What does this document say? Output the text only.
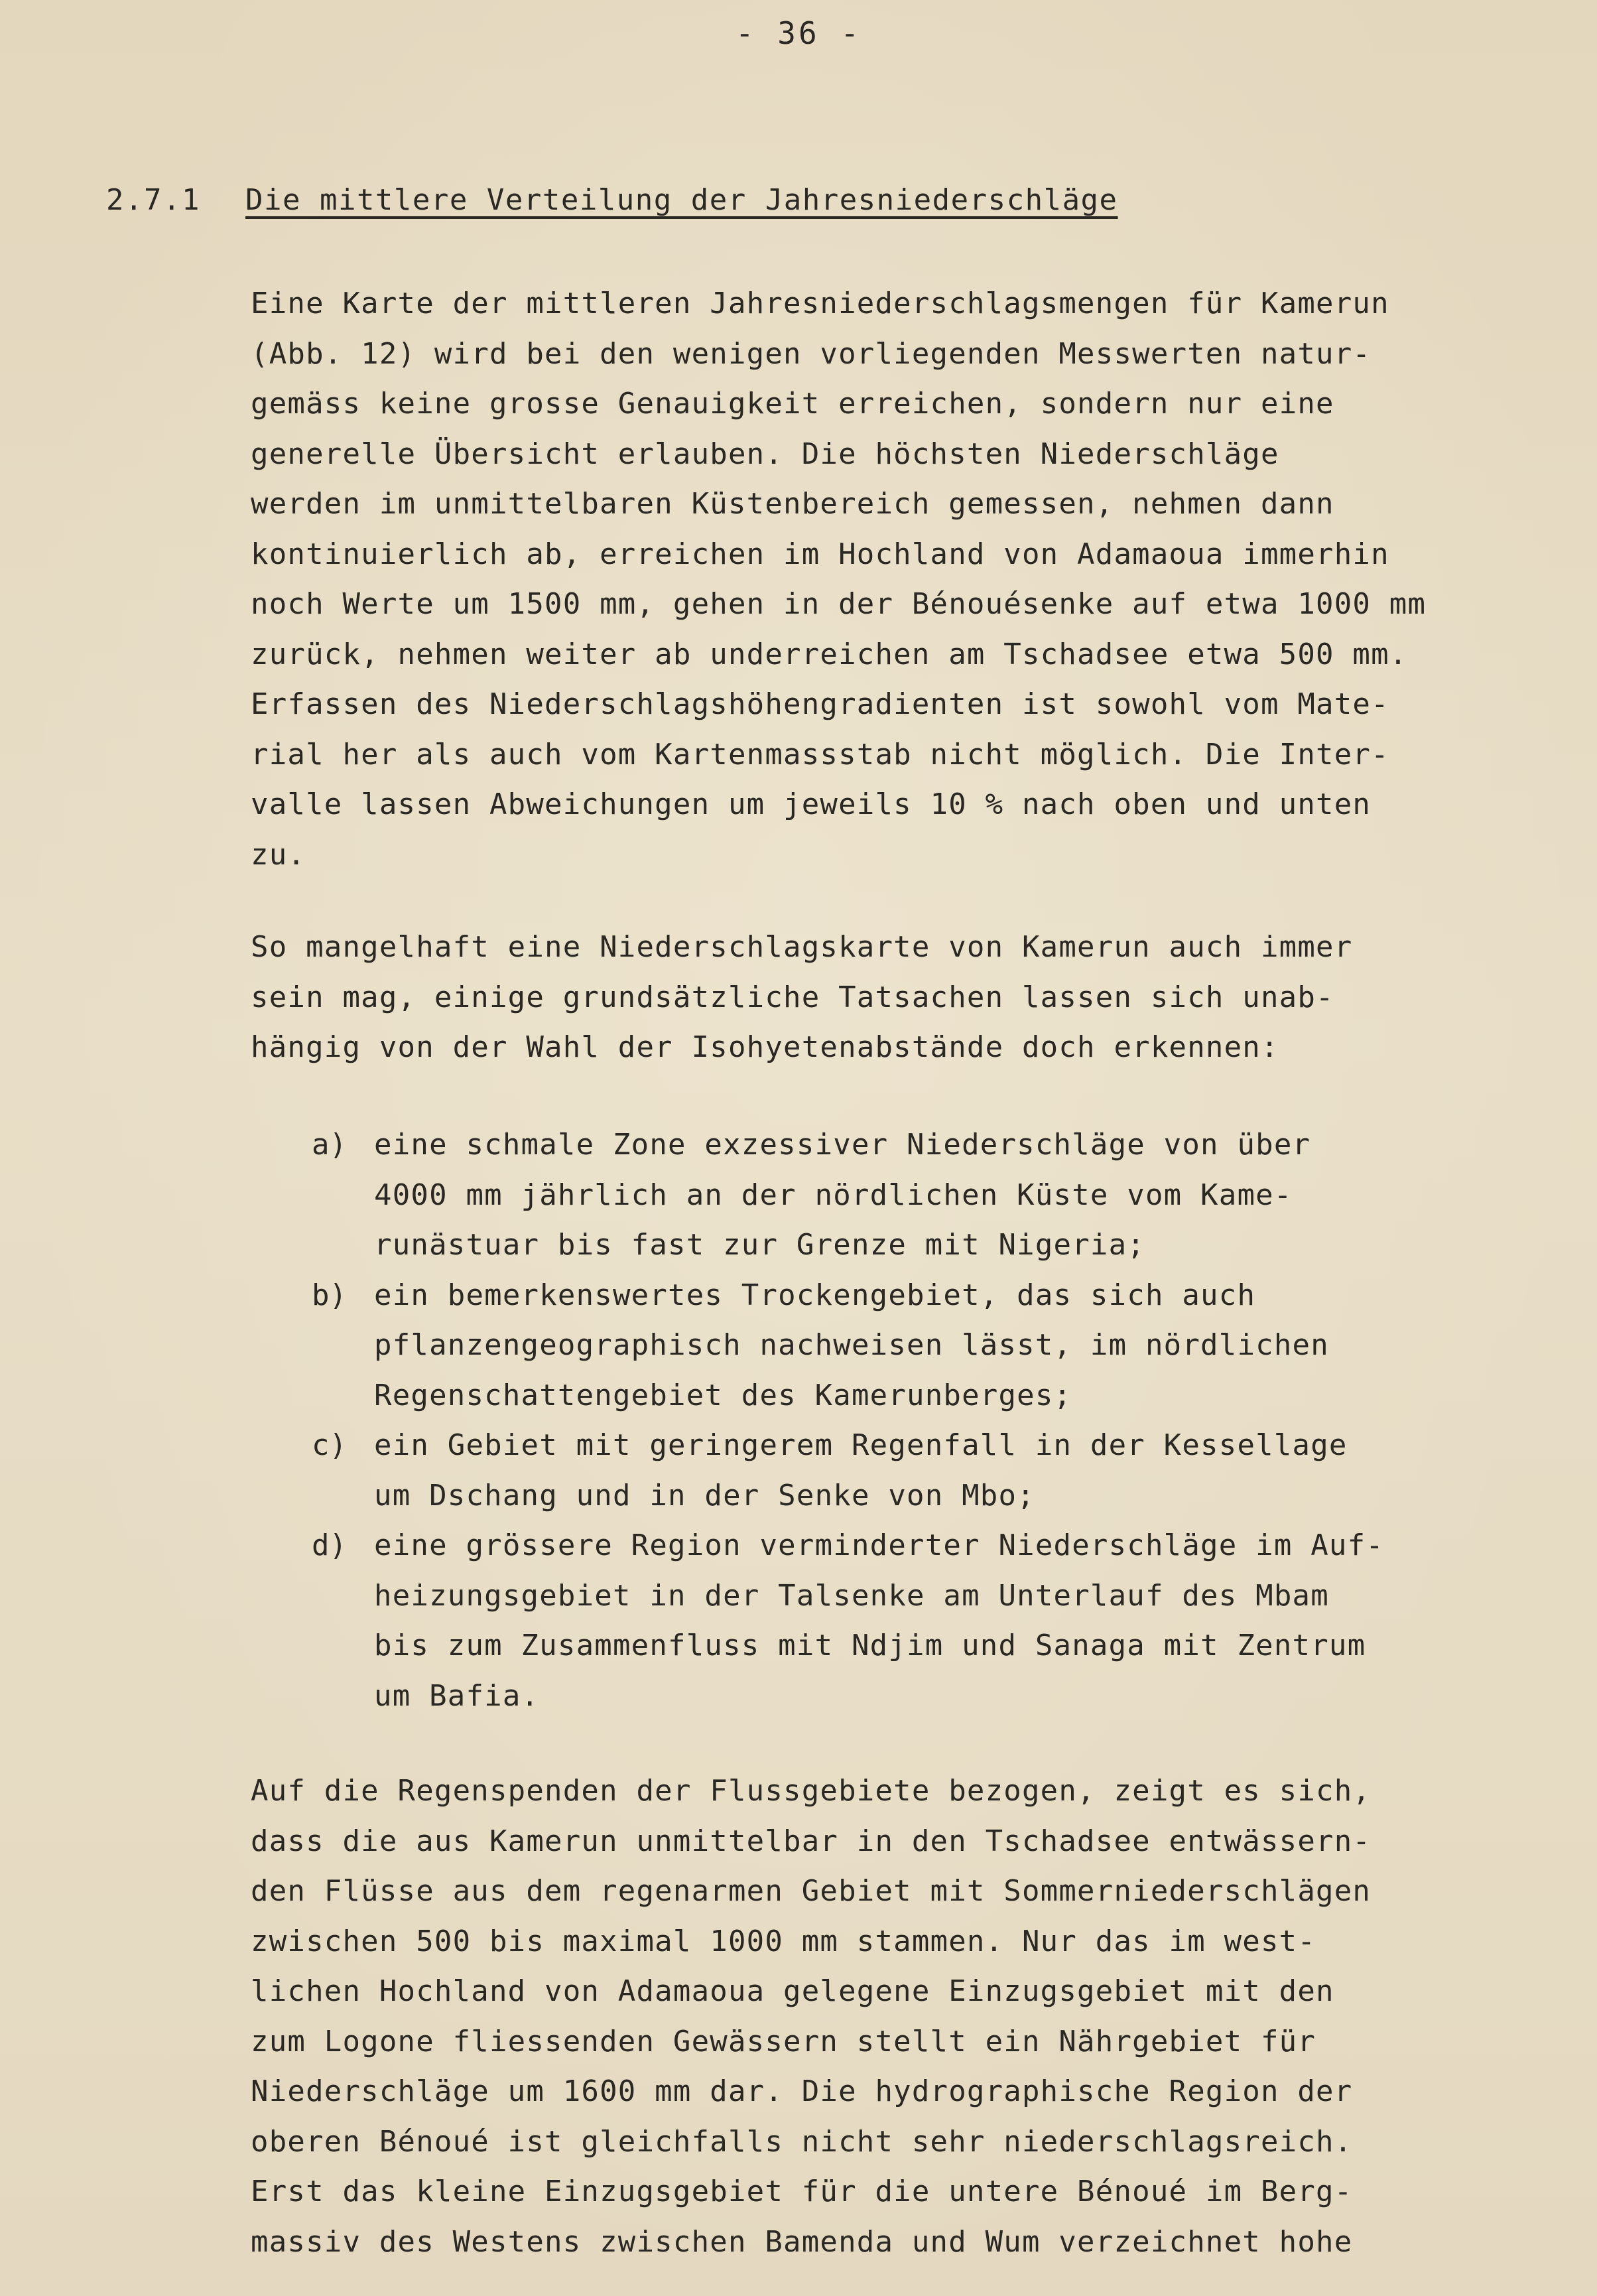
- 36 -
2.7.1 Die mittlere Verteilung der Jahresniederschläge
Eine Karte der mittleren Jahresniederschlagsmengen für Kamerun
(Abb. 12) wird bei den wenigen vorliegenden Messwerten natur-
gemäss keine grosse Genauigkeit erreichen, sondern nur eine
generelle Übersicht erlauben. Die höchsten Niederschläge
werden im unmittelbaren Küstenbereich gemessen, nehmen dann
kontinuierlich ab, erreichen im Hochland von Adamaoua immerhin
noch Werte um 1500 mm, gehen in der Bénouésenke auf etwa 1000 mm
zurück, nehmen weiter ab underreichen am Tschadsee etwa 500 mm.
Erfassen des Niederschlagshöhengradienten ist sowohl vom Mate-
rial her als auch vom Kartenmassstab nicht möglich. Die Inter-
valle lassen Abweichungen um jeweils 10 % nach oben und unten
zu.
So mangelhaft eine Niederschlagskarte von Kamerun auch immer
sein mag, einige grundsätzliche Tatsachen lassen sich unab-
hängig von der Wahl der Isohyetenabstände doch erkennen:
a) eine schmale Zone exzessiver Niederschläge von über
4000 mm jährlich an der nördlichen Küste vom Kame-
runästuar bis fast zur Grenze mit Nigeria;
b) ein bemerkenswertes Trockengebiet, das sich auch
pflanzengeographisch nachweisen lässt, im nördlichen
Regenschattengebiet des Kamerunberges;
c) ein Gebiet mit geringerem Regenfall in der Kessellage
um Dschang und in der Senke von Mbo;
d) eine grössere Region verminderter Niederschläge im Auf-
heizungsgebiet in der Talsenke am Unterlauf des Mbam
bis zum Zusammenfluss mit Ndjim und Sanaga mit Zentrum
um Bafia.
Auf die Regenspenden der Flussgebiete bezogen, zeigt es sich,
dass die aus Kamerun unmittelbar in den Tschadsee entwässern-
den Flüsse aus dem regenarmen Gebiet mit Sommerniederschlägen
zwischen 500 bis maximal 1000 mm stammen. Nur das im west-
lichen Hochland von Adamaoua gelegene Einzugsgebiet mit den
zum Logone fliessenden Gewässern stellt ein Nährgebiet für
Niederschläge um 1600 mm dar. Die hydrographische Region der
oberen Bénoué ist gleichfalls nicht sehr niederschlagsreich.
Erst das kleine Einzugsgebiet für die untere Bénoué im Berg-
massiv des Westens zwischen Bamenda und Wum verzeichnet hohe
